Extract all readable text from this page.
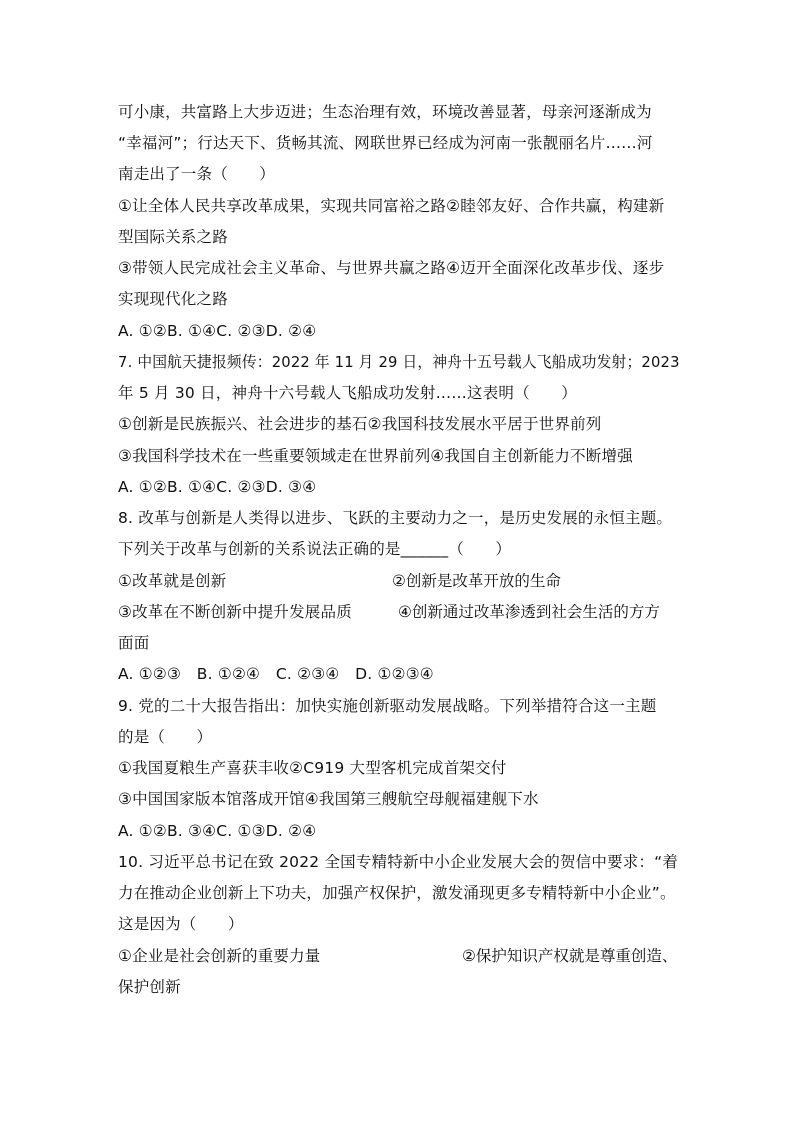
可小康，共富路上大步迈进；生态治理有效，环境改善显著，母亲河逐渐成为
“幸福河”；行达天下、货畅其流、网联世界已经成为河南一张靓丽名片……河
南走出了一条（　　）
①让全体人民共享改革成果，实现共同富裕之路②睦邻友好、合作共赢，构建新
型国际关系之路
③带领人民完成社会主义革命、与世界共赢之路④迈开全面深化改革步伐、逐步
实现现代化之路
A. ①②B. ①④C. ②③D. ②④
7. 中国航天捷报频传：2022 年 11 月 29 日，神舟十五号载人飞船成功发射；2023
年 5 月 30 日，神舟十六号载人飞船成功发射……这表明（　　）
①创新是民族振兴、社会进步的基石②我国科技发展水平居于世界前列
③我国科学技术在一些重要领域走在世界前列④我国自主创新能力不断增强
A. ①②B. ①④C. ②③D. ③④
8. 改革与创新是人类得以进步、飞跃的主要动力之一，是历史发展的永恒主题。
下列关于改革与创新的关系说法正确的是______（　　）
①改革就是创新	②创新是改革开放的生命
③改革在不断创新中提升发展品质	④创新通过改革渗透到社会生活的方方
面面
A. ①②③　B. ①②④　C. ②③④　D. ①②③④
9. 党的二十大报告指出：加快实施创新驱动发展战略。下列举措符合这一主题
的是（　　）
①我国夏粮生产喜获丰收②C919 大型客机完成首架交付
③中国国家版本馆落成开馆④我国第三艘航空母舰福建舰下水
A. ①②B. ③④C. ①③D. ②④
10. 习近平总书记在致 2022 全国专精特新中小企业发展大会的贺信中要求：“着
力在推动企业创新上下功夫，加强产权保护，激发涌现更多专精特新中小企业”。
这是因为（　　）
①企业是社会创新的重要力量	②保护知识产权就是尊重创造、
保护创新
